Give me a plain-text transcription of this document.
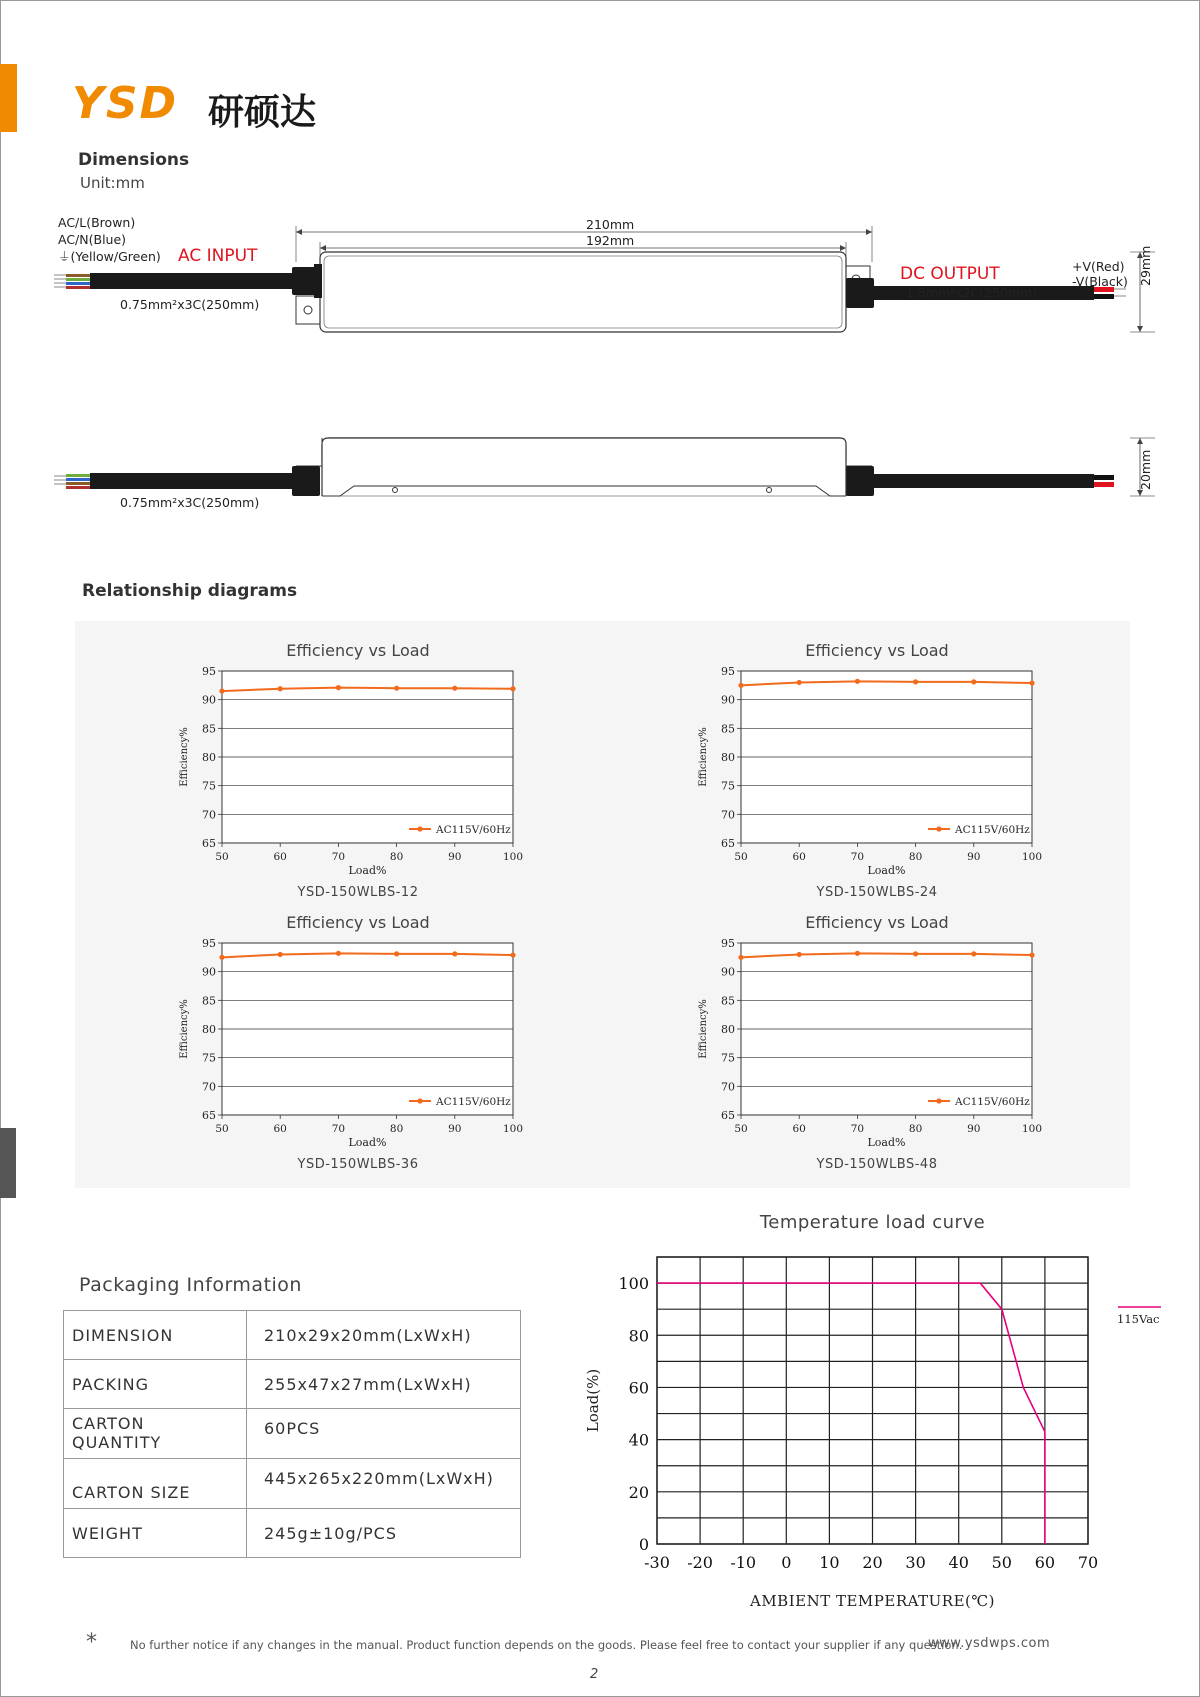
YSD 研硕达
Dimensions
Unit:mm
AC/L(Brown)
AC/N(Blue)
⏚(Yellow/Green) AC INPUT
DC OUTPUT
210mm
192mm
0.75mm²x3C(250mm)
1.5mm²x2C(250mm)
+V(Red)
-V(Black) 29mm
20mm
0.75mm²x3C(250mm)
Relationship diagrams
Efficiency vs Load	Efficiency vs Load
Efficiency vs Load	Efficiency vs Load
65
70
75
80
85
90
95
50	60	70	80	90	100
Load%
Efficiency%
AC115V/60Hz
65
70
75
80
85
90
95
50	60	70	80	90	100
Load%
Efficiency%
AC115V/60Hz
65
70
75
80
85
90
95
50	60	70	80	90	100
Load%
Efficiency%
AC115V/60Hz
65
70
75
80
85
90
95
50	60	70	80	90	100
Load%
Efficiency%
AC115V/60Hz
YSD-150WLBS-12	YSD-150WLBS-24
YSD-150WLBS-36	YSD-150WLBS-48
Packaging Information
DIMENSION	210x29x20mm(LxWxH)
PACKING	255x47x27mm(LxWxH)
CARTON QUANTITY	60PCS
CARTON SIZE	445x265x220mm(LxWxH)
WEIGHT	245g±10g/PCS
Temperature load curve
0
20
40
60
80
100
-30 -20 -10 0 10 20 30 40 50 60 70
AMBIENT TEMPERATURE(℃)
Load(%)
115Vac
*	No further notice if any changes in the manual. Product function depends on the goods. Please feel free to contact your supplier if any question.
www.ysdwps.com
2
